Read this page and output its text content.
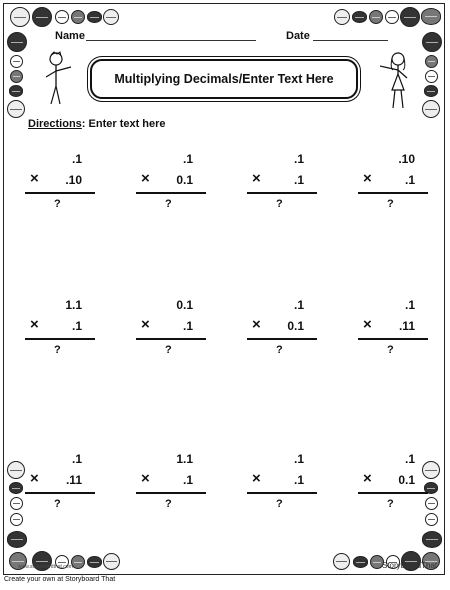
www.storyboardthat.com	StoryboardThat
Name	Date
Multiplying Decimals/Enter Text Here
Directions: Enter text here
.1
× .10
?
.1
× 0.1
?
.1
×	.1
?
.10
×	.1
?
1.1
×	.1
?
0.1
×	.1
?
.1
× 0.1
?
.1
× .11
?
.1
× .11
?
1.1
×	.1
?
.1
×	.1
?
.1
× 0.1
?
Create your own at Storyboard That
